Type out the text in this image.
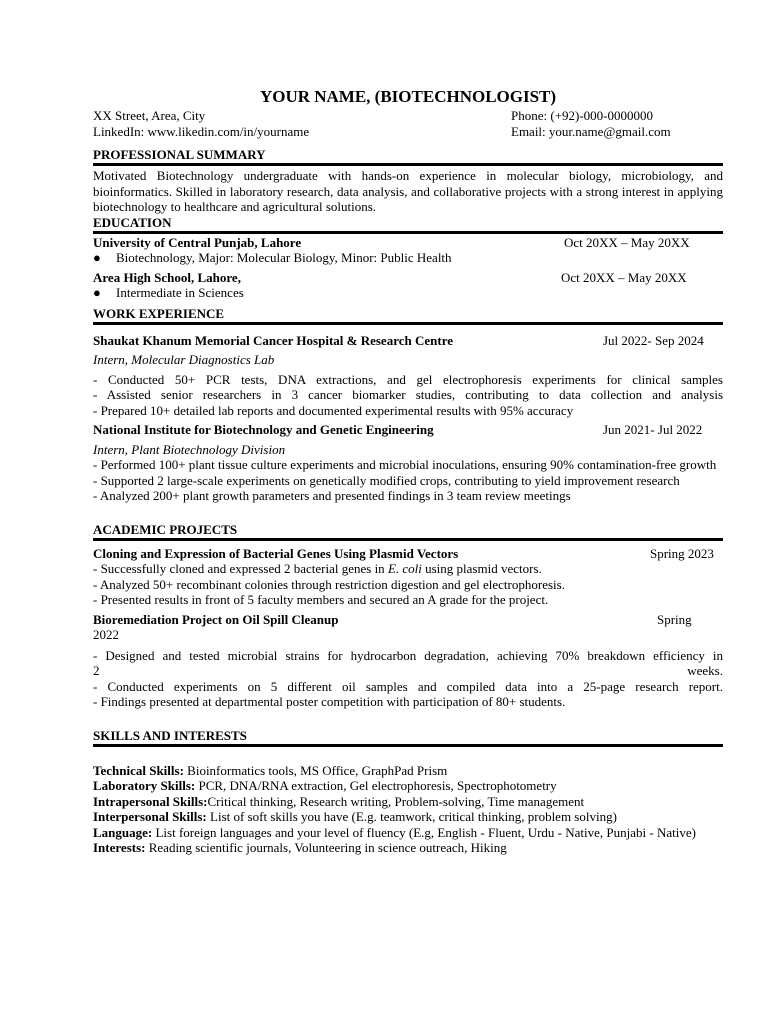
YOUR NAME, (BIOTECHNOLOGIST)
XX Street, Area, City	Phone: (+92)-000-0000000
LinkedIn: www.likedin.com/in/yourname	Email: your.name@gmail.com
PROFESSIONAL SUMMARY

Motivated Biotechnology undergraduate with hands-on experience in molecular biology, microbiology, and bioinformatics. Skilled in laboratory research, data analysis, and collaborative projects with a strong interest in applying biotechnology to healthcare and agricultural solutions.

EDUCATION
University of Central Punjab, Lahore	Oct 20XX – May 20XX
●	Biotechnology, Major: Molecular Biology, Minor: Public Health
Area High School, Lahore,	Oct 20XX – May 20XX
●	Intermediate in Sciences
WORK EXPERIENCE
Shaukat Khanum Memorial Cancer Hospital & Research Centre	Jul 2022- Sep 2024

Intern, Molecular Diagnostics Lab

- Conducted 50+ PCR tests, DNA extractions, and gel electrophoresis experiments for clinical samples

- Assisted senior researchers in 3 cancer biomarker studies, contributing to data collection and analysis

- Prepared 10+ detailed lab reports and documented experimental results with 95% accuracy

National Institute for Biotechnology and Genetic Engineering	Jun 2021- Jul 2022

Intern, Plant Biotechnology Division

- Performed 100+ plant tissue culture experiments and microbial inoculations, ensuring 90% contamination-free growth

- Supported 2 large-scale experiments on genetically modified crops, contributing to yield improvement research

- Analyzed 200+ plant growth parameters and presented findings in 3 team review meetings

ACADEMIC PROJECTS
Cloning and Expression of Bacterial Genes Using Plasmid Vectors	Spring 2023

- Successfully cloned and expressed 2 bacterial genes in E. coli using plasmid vectors.

- Analyzed 50+ recombinant colonies through restriction digestion and gel electrophoresis.

- Presented results in front of 5 faculty members and secured an A grade for the project.

Bioremediation Project on Oil Spill Cleanup	Spring

2022

- Designed and tested microbial strains for hydrocarbon degradation, achieving 70% breakdown efficiency in

2	weeks.

- Conducted experiments on 5 different oil samples and compiled data into a 25-page research report.

- Findings presented at departmental poster competition with participation of 80+ students.

SKILLS AND INTERESTS

Technical Skills: Bioinformatics tools, MS Office, GraphPad Prism

Laboratory Skills: PCR, DNA/RNA extraction, Gel electrophoresis, Spectrophotometry

Intrapersonal Skills:Critical thinking, Research writing, Problem-solving, Time management

Interpersonal Skills: List of soft skills you have (E.g. teamwork, critical thinking, problem solving)

Language: List foreign languages and your level of fluency (E.g, English - Fluent, Urdu - Native, Punjabi - Native)

Interests: Reading scientific journals, Volunteering in science outreach, Hiking
